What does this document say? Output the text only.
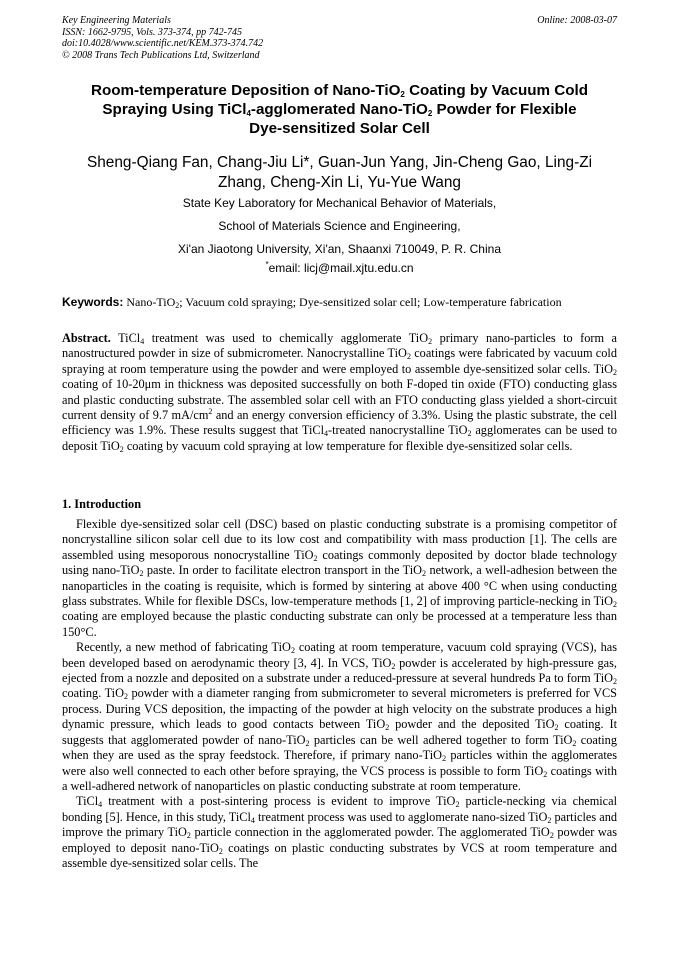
Key Engineering Materials
ISSN: 1662-9795, Vols. 373-374, pp 742-745
doi:10.4028/www.scientific.net/KEM.373-374.742
© 2008 Trans Tech Publications Ltd, Switzerland
Online: 2008-03-07
Room-temperature Deposition of Nano-TiO$_2$ Coating by Vacuum Cold
Spraying Using TiCl$_4$-agglomerated Nano-TiO$_2$ Powder for Flexible
Dye-sensitized Solar Cell
Sheng-Qiang Fan, Chang-Jiu Li*, Guan-Jun Yang, Jin-Cheng Gao, Ling-Zi
Zhang, Cheng-Xin Li, Yu-Yue Wang
State Key Laboratory for Mechanical Behavior of Materials,
School of Materials Science and Engineering,
Xi'an Jiaotong University, Xi'an, Shaanxi 710049, P. R. China
*email: licj@mail.xjtu.edu.cn
Keywords: Nano-TiO$_2$; Vacuum cold spraying; Dye-sensitized solar cell; Low-temperature fabrication

Abstract. TiCl$_4$ treatment was used to chemically agglomerate TiO$_2$ primary nano-particles to form a nanostructured powder in size of submicrometer. Nanocrystalline TiO$_2$ coatings were fabricated by vacuum cold spraying at room temperature using the powder and were employed to assemble dye-sensitized solar cells. TiO$_2$ coating of 10-20μm in thickness was deposited successfully on both F-doped tin oxide (FTO) conducting glass and plastic conducting substrate. The assembled solar cell with an FTO conducting glass yielded a short-circuit current density of 9.7 $mA/cm^2$ and an energy conversion efficiency of 3.3%. Using the plastic substrate, the cell efficiency was 1.9%. These results suggest that TiCl$_4$-treated nanocrystalline TiO$_2$ agglomerates can be used to deposit TiO$_2$ coating by vacuum cold spraying at low temperature for flexible dye-sensitized solar cells.

1. Introduction

Flexible dye-sensitized solar cell (DSC) based on plastic conducting substrate is a promising competitor of noncrystalline silicon solar cell due to its low cost and compatibility with mass production [1]. The cells are assembled using mesoporous nonocrystalline TiO$_2$ coatings commonly deposited by doctor blade technology using nano-TiO$_2$ paste. In order to facilitate electron transport in the TiO$_2$ network, a well-adhesion between the nanoparticles in the coating is requisite, which is formed by sintering at above 400 °C when using conducting glass substrates. While for flexible DSCs, low-temperature methods [1, 2] of improving particle-necking in TiO$_2$ coating are employed because the plastic conducting substrate can only be processed at a temperature less than 150°C.

Recently, a new method of fabricating TiO$_2$ coating at room temperature, vacuum cold spraying (VCS), has been developed based on aerodynamic theory [3, 4]. In VCS, TiO$_2$ powder is accelerated by high-pressure gas, ejected from a nozzle and deposited on a substrate under a reduced-pressure at several hundreds Pa to form TiO$_2$ coating. TiO$_2$ powder with a diameter ranging from submicrometer to several micrometers is preferred for VCS process. During VCS deposition, the impacting of the powder at high velocity on the substrate produces a high dynamic pressure, which leads to good contacts between TiO$_2$ powder and the deposited TiO$_2$ coating. It suggests that agglomerated powder of nano-TiO$_2$ particles can be well adhered together to form TiO$_2$ coating when they are used as the spray feedstock. Therefore, if primary nano-TiO$_2$ particles within the agglomerates were also well connected to each other before spraying, the VCS process is possible to form TiO$_2$ coatings with a well-adhered network of nanoparticles on plastic conducting substrate at room temperature.

TiCl$_4$ treatment with a post-sintering process is evident to improve TiO$_2$ particle-necking via chemical bonding [5]. Hence, in this study, TiCl$_4$ treatment process was used to agglomerate nano-sized TiO$_2$ particles and improve the primary TiO$_2$ particle connection in the agglomerated powder. The agglomerated TiO$_2$ powder was employed to deposit nano-TiO$_2$ coatings on plastic conducting substrates by VCS at room temperature and assemble dye-sensitized solar cells. The
